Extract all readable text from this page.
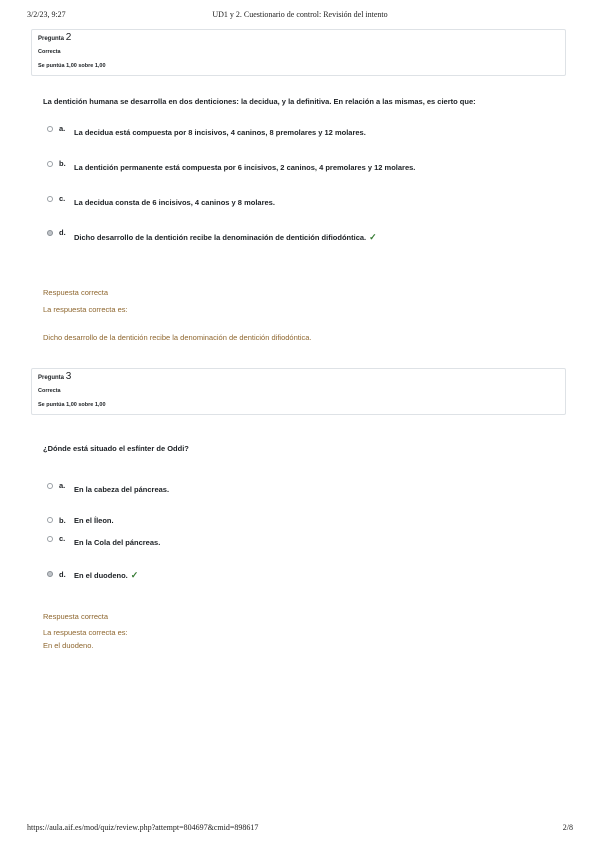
3/2/23, 9:27	UD1 y 2. Cuestionario de control: Revisión del intento
Pregunta 2
Correcta
Se puntúa 1,00 sobre 1,00
La dentición humana se desarrolla en dos denticiones: la decidua, y la definitiva. En relación a las mismas, es cierto que:
a. La decidua está compuesta por 8 incisivos, 4 caninos, 8 premolares y 12 molares.
b. La dentición permanente está compuesta por 6 incisivos, 2 caninos, 4 premolares y 12 molares.
c. La decidua consta de 6 incisivos, 4 caninos y 8 molares.
d.
Dicho desarrollo de la dentición recibe la denominación de dentición difiodóntica. ✓
Respuesta correcta
La respuesta correcta es:
Dicho desarrollo de la dentición recibe la denominación de dentición difiodóntica.
Pregunta 3
Correcta
Se puntúa 1,00 sobre 1,00
¿Dónde está situado el esfínter de Oddi?
a. En la cabeza del páncreas.
b. En el Íleon.
c. En la Cola del páncreas.
d. En el duodeno. ✓
Respuesta correcta
La respuesta correcta es:
En el duodeno.
https://aula.aif.es/mod/quiz/review.php?attempt=804697&cmid=898617	2/8
